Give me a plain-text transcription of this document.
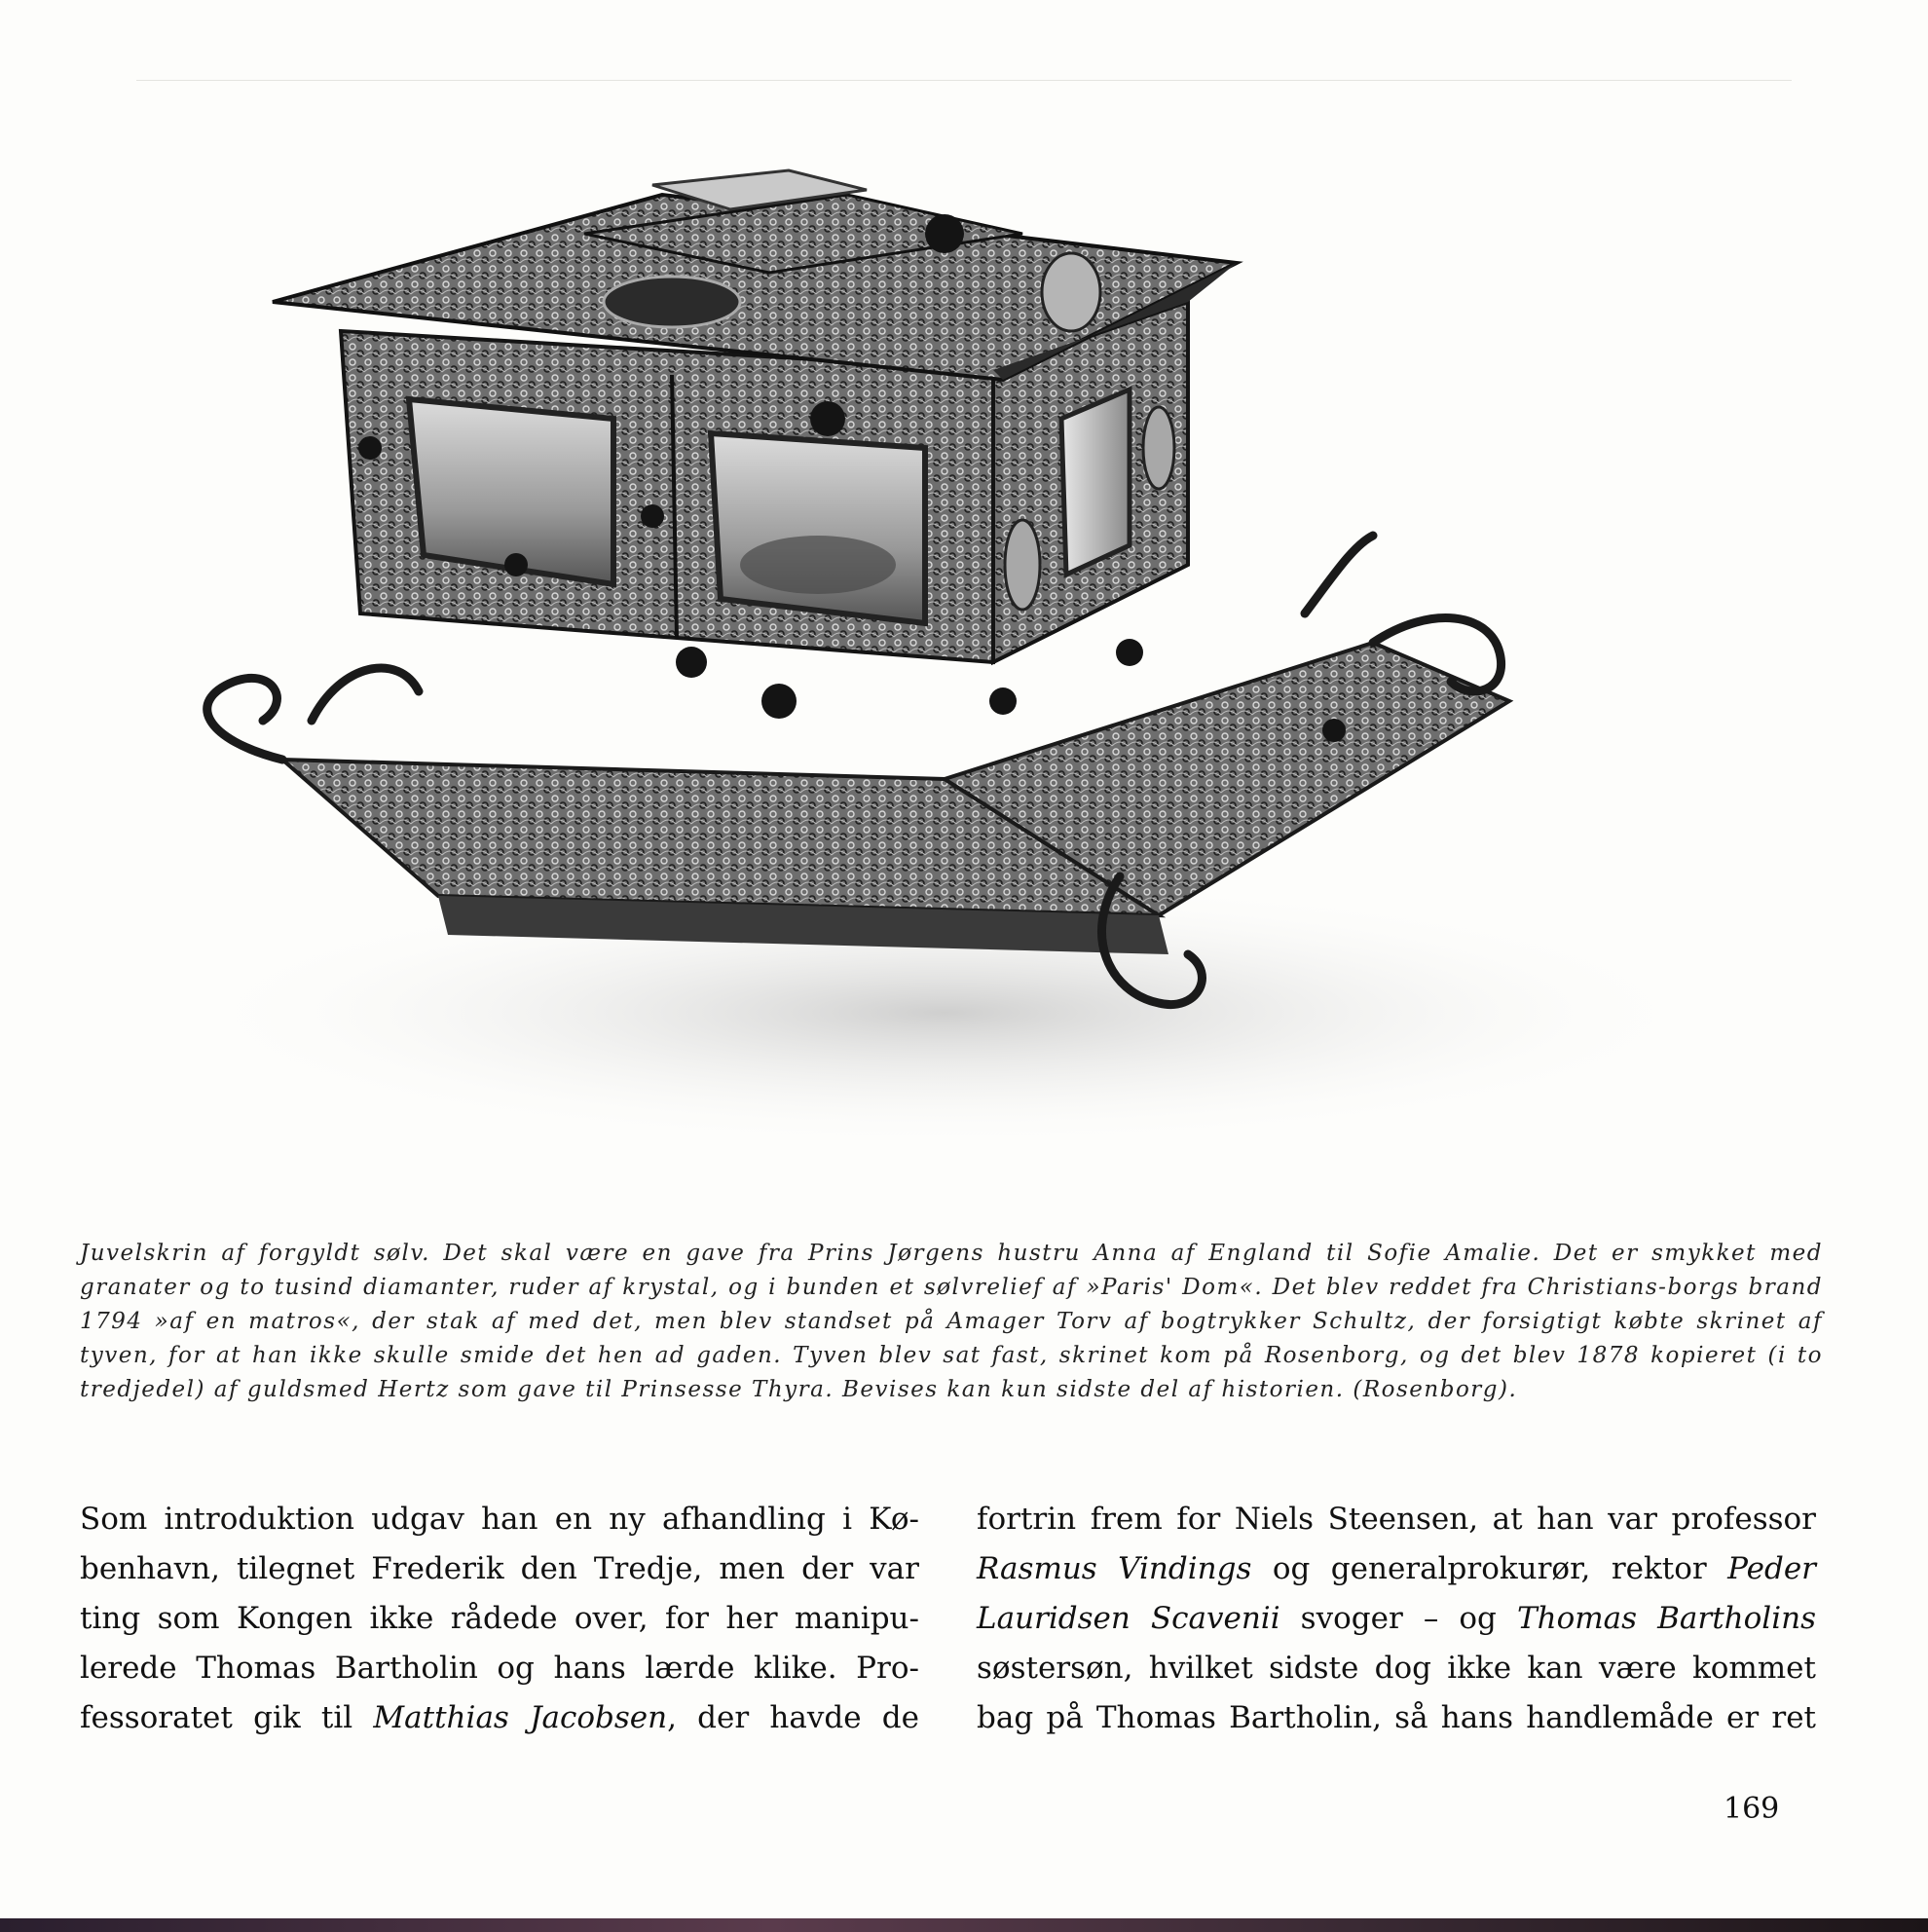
Juvelskrin af forgyldt sølv. Det skal være en gave fra Prins Jørgens hustru Anna af England til Sofie Amalie. Det er smykket med granater og to tusind diamanter, ruder af krystal, og i bunden et sølvrelief af »Paris' Dom«. Det blev reddet fra Christians-borgs brand 1794 »af en matros«, der stak af med det, men blev standset på Amager Torv af bogtrykker Schultz, der forsigtigt købte skrinet af tyven, for at han ikke skulle smide det hen ad gaden. Tyven blev sat fast, skrinet kom på Rosenborg, og det blev 1878 kopieret (i to tredjedel) af guldsmed Hertz som gave til Prinsesse Thyra. Bevises kan kun sidste del af historien. (Rosenborg).
Som introduktion udgav han en ny afhandling i Kø-
benhavn, tilegnet Frederik den Tredje, men der var
ting som Kongen ikke rådede over, for her manipu-
lerede Thomas Bartholin og hans lærde klike. Pro-
fessoratet gik til Matthias Jacobsen, der havde de
fortrin frem for Niels Steensen, at han var professor
Rasmus Vindings og generalprokurør, rektor Peder
Lauridsen Scavenii svoger – og Thomas Bartholins
søstersøn, hvilket sidste dog ikke kan være kommet
bag på Thomas Bartholin, så hans handlemåde er ret
169
